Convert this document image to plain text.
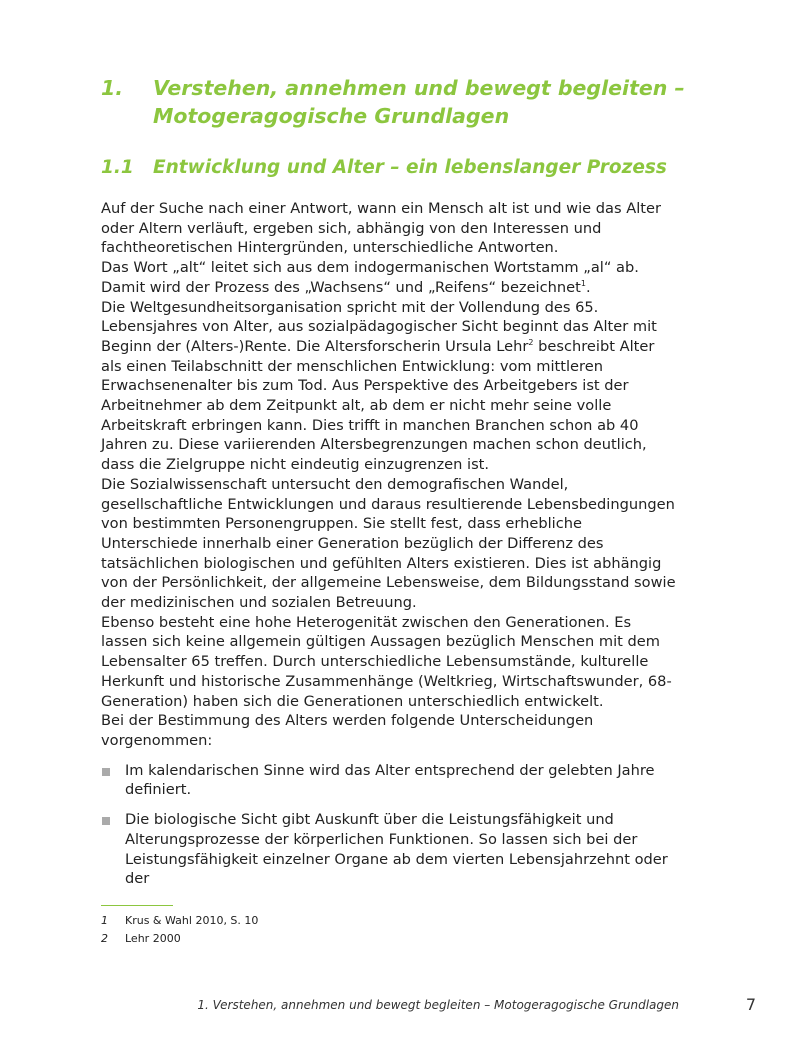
1. Verstehen, annehmen und bewegt begleiten –
Motogeragogische Grundlagen
1.1 Entwicklung und Alter – ein lebenslanger Prozess

Auf der Suche nach einer Antwort, wann ein Mensch alt ist und wie das Alter oder Altern verläuft, ergeben sich, abhängig von den Interessen und fachtheoretischen Hintergründen, unterschiedliche Antworten.

Das Wort „alt“ leitet sich aus dem indogermanischen Wortstamm „al“ ab. Damit wird der Prozess des „Wachsens“ und „Reifens“ bezeichnet$^1$.

Die Weltgesundheitsorganisation spricht mit der Vollendung des 65. Lebensjahres von Alter, aus sozialpädagogischer Sicht beginnt das Alter mit Beginn der (Alters-)Rente. Die Altersforscherin Ursula Lehr$^2$ beschreibt Alter als einen Teilabschnitt der menschlichen Entwicklung: vom mittleren Erwachsenenalter bis zum Tod. Aus Perspektive des Arbeitgebers ist der Arbeitnehmer ab dem Zeitpunkt alt, ab dem er nicht mehr seine volle Arbeitskraft erbringen kann. Dies trifft in manchen Branchen schon ab 40 Jahren zu. Diese variierenden Altersbegrenzungen machen schon deutlich, dass die Zielgruppe nicht eindeutig einzugrenzen ist.

Die Sozialwissenschaft untersucht den demografischen Wandel, gesellschaftliche Entwicklungen und daraus resultierende Lebensbedingungen von bestimmten Personengruppen. Sie stellt fest, dass erhebliche Unterschiede innerhalb einer Generation bezüglich der Differenz des tatsächlichen biologischen und gefühlten Alters existieren. Dies ist abhängig von der Persönlichkeit, der allgemeine Lebensweise, dem Bildungsstand sowie der medizinischen und sozialen Betreuung.

Ebenso besteht eine hohe Heterogenität zwischen den Generationen. Es lassen sich keine allgemein gültigen Aussagen bezüglich Menschen mit dem Lebensalter 65 treffen. Durch unterschiedliche Lebensumstände, kulturelle Herkunft und historische Zusammenhänge (Weltkrieg, Wirtschaftswunder, 68-Generation) haben sich die Generationen unterschiedlich entwickelt.

Bei der Bestimmung des Alters werden folgende Unterscheidungen vorgenommen:

Im kalendarischen Sinne wird das Alter entsprechend der gelebten Jahre definiert.
Die biologische Sicht gibt Auskunft über die Leistungsfähigkeit und Alterungsprozesse der körperlichen Funktionen. So lassen sich bei der Leistungsfähigkeit einzelner Organe ab dem vierten Lebensjahrzehnt oder der
1 Krus & Wahl 2010, S. 10
2 Lehr 2000
1. Verstehen, annehmen und bewegt begleiten – Motogeragogische Grundlagen	7
